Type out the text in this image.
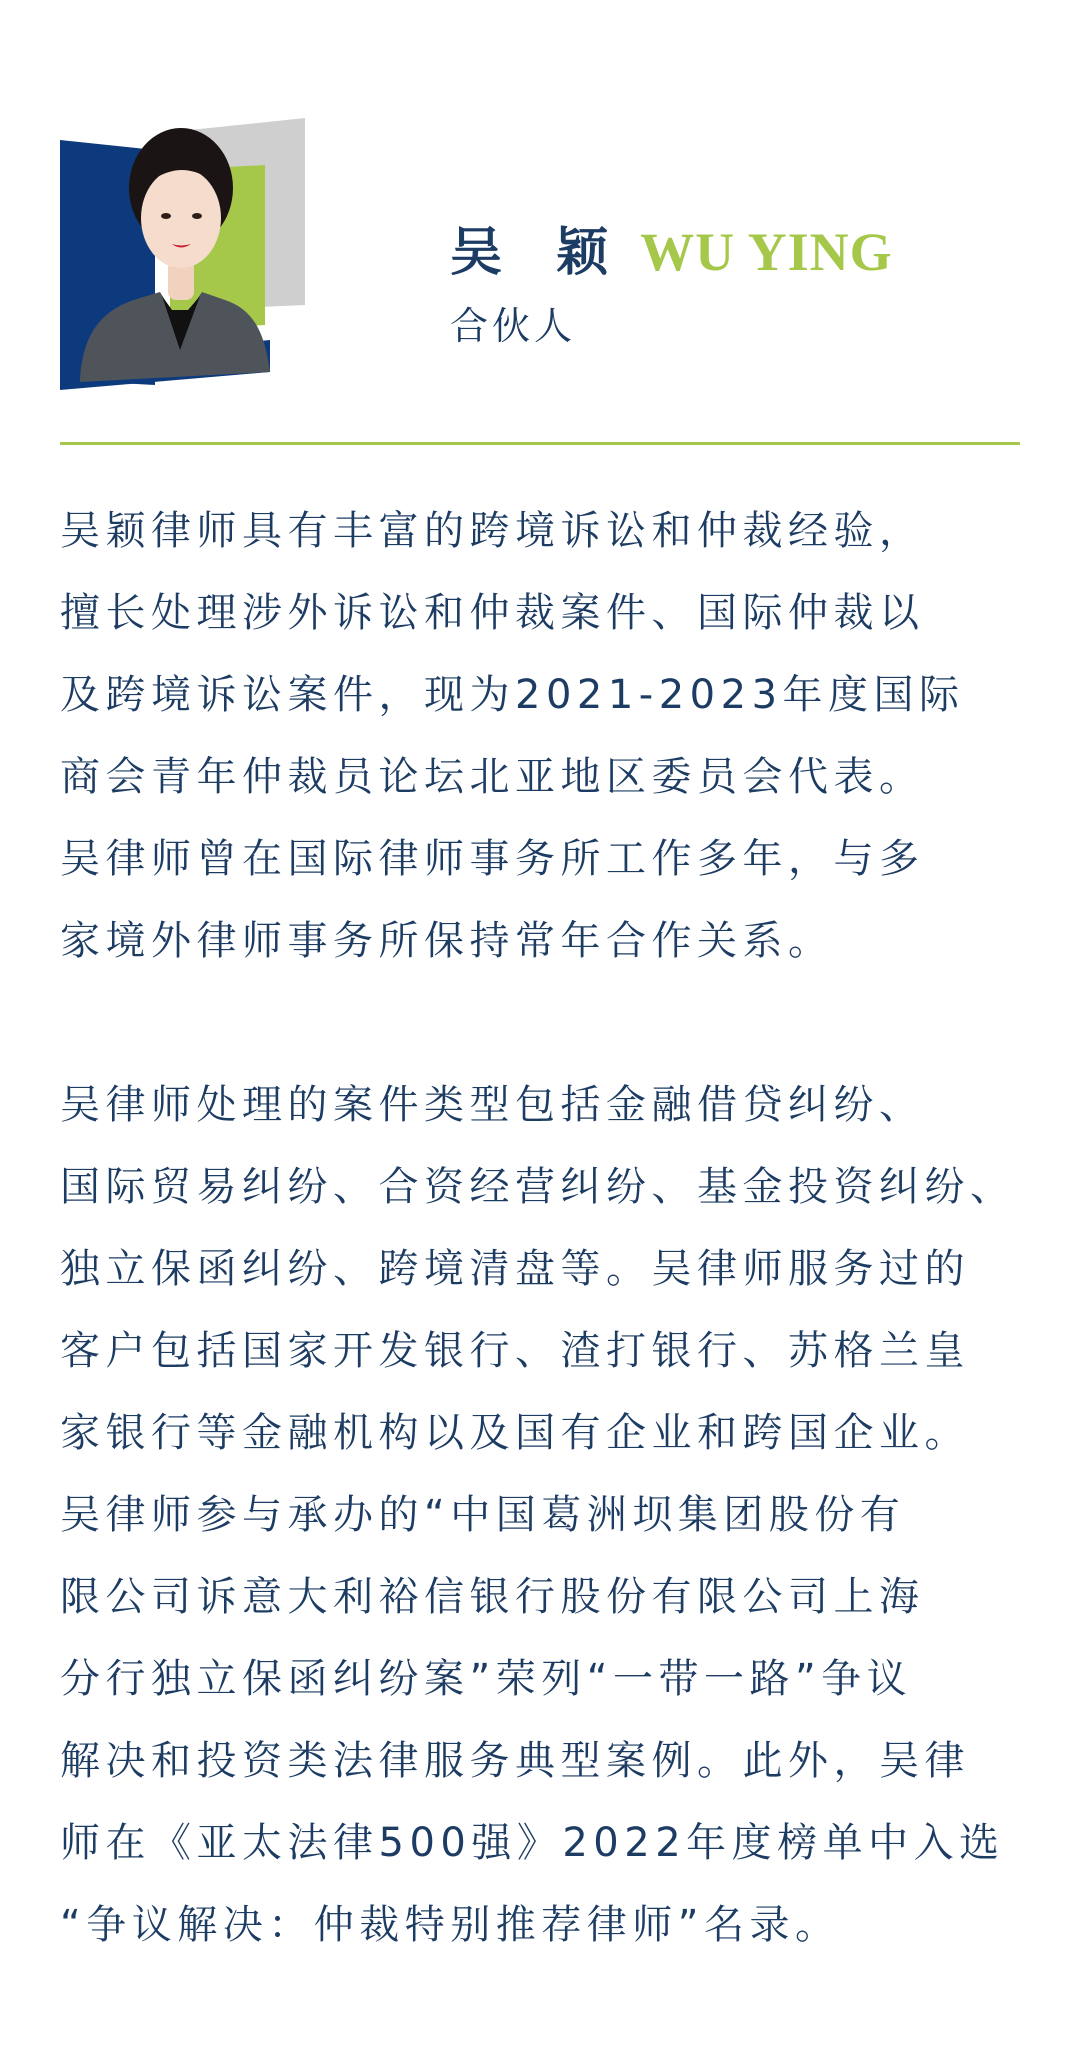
吴 颖 WU YING
合伙人

吴颖律师具有丰富的跨境诉讼和仲裁经验，

擅长处理涉外诉讼和仲裁案件、国际仲裁以

及跨境诉讼案件，现为2021-2023年度国际

商会青年仲裁员论坛北亚地区委员会代表。

吴律师曾在国际律师事务所工作多年，与多

家境外律师事务所保持常年合作关系。

吴律师处理的案件类型包括金融借贷纠纷、

国际贸易纠纷、合资经营纠纷、基金投资纠纷、

独立保函纠纷、跨境清盘等。吴律师服务过的

客户包括国家开发银行、渣打银行、苏格兰皇

家银行等金融机构以及国有企业和跨国企业。

吴律师参与承办的“中国葛洲坝集团股份有

限公司诉意大利裕信银行股份有限公司上海

分行独立保函纠纷案”荣列“一带一路”争议

解决和投资类法律服务典型案例。此外，吴律

师在《亚太法律500强》2022年度榜单中入选

“争议解决：仲裁特别推荐律师”名录。
